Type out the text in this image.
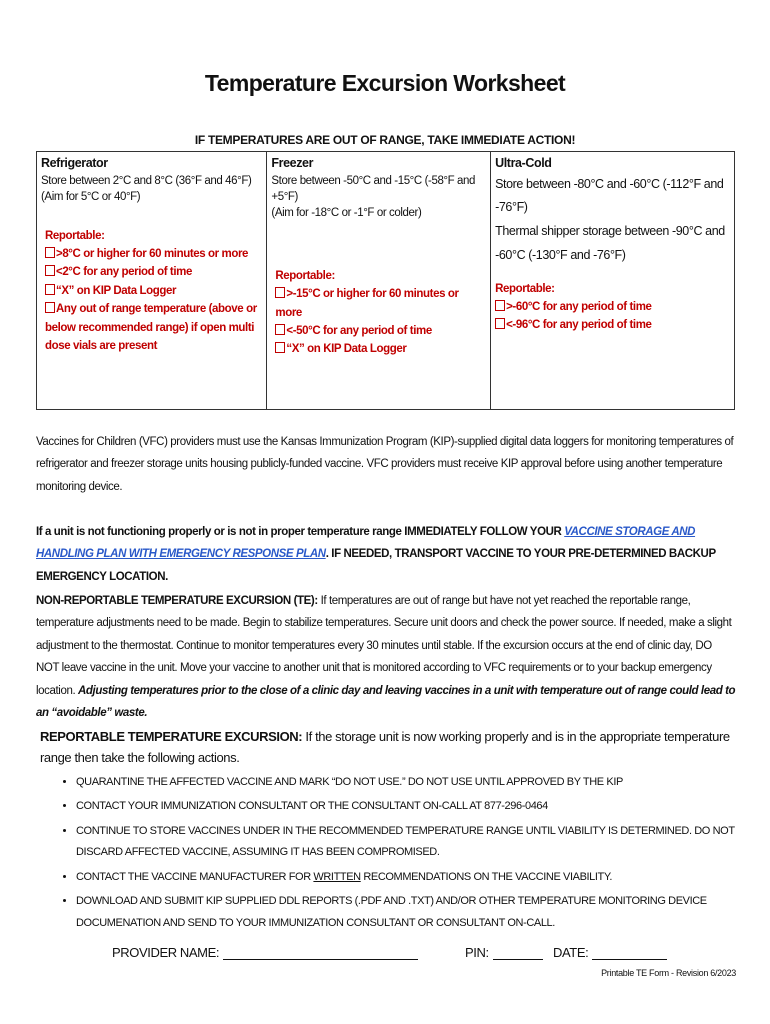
Temperature Excursion Worksheet
IF TEMPERATURES ARE OUT OF RANGE, TAKE IMMEDIATE ACTION!
Refrigerator
Store between 2°C and 8°C (36°F and 46°F)
(Aim for 5°C or 40°F)
Reportable:
>8°C or higher for 60 minutes or more
<2°C for any period of time
“X” on KIP Data Logger
Any out of range temperature (above or below recommended range) if open multi dose vials are present

Freezer
Store between -50°C and -15°C (-58°F and +5°F)
(Aim for -18°C or -1°F or colder)
Reportable:
>-15°C or higher for 60 minutes or more
<-50°C for any period of time
“X” on KIP Data Logger

Ultra-Cold
Store between -80°C and -60°C (-112°F and -76°F)
Thermal shipper storage between -90°C and -60°C (-130°F and -76°F)
Reportable:
>-60°C for any period of time
<-96°C for any period of time
Vaccines for Children (VFC) providers must use the Kansas Immunization Program (KIP)-supplied digital data loggers for monitoring temperatures of refrigerator and freezer storage units housing publicly-funded vaccine. VFC providers must receive KIP approval before using another temperature monitoring device.
If a unit is not functioning properly or is not in proper temperature range IMMEDIATELY FOLLOW YOUR VACCINE STORAGE AND HANDLING PLAN WITH EMERGENCY RESPONSE PLAN. IF NEEDED, TRANSPORT VACCINE TO YOUR PRE-DETERMINED BACKUP EMERGENCY LOCATION.
NON-REPORTABLE TEMPERATURE EXCURSION (TE): If temperatures are out of range but have not yet reached the reportable range, temperature adjustments need to be made. Begin to stabilize temperatures. Secure unit doors and check the power source. If needed, make a slight adjustment to the thermostat. Continue to monitor temperatures every 30 minutes until stable. If the excursion occurs at the end of clinic day, DO NOT leave vaccine in the unit. Move your vaccine to another unit that is monitored according to VFC requirements or to your backup emergency location. Adjusting temperatures prior to the close of a clinic day and leaving vaccines in a unit with temperature out of range could lead to an “avoidable” waste.
REPORTABLE TEMPERATURE EXCURSION: If the storage unit is now working properly and is in the appropriate temperature range then take the following actions.
• QUARANTINE THE AFFECTED VACCINE AND MARK “DO NOT USE.” DO NOT USE UNTIL APPROVED BY THE KIP
• CONTACT YOUR IMMUNIZATION CONSULTANT OR THE CONSULTANT ON-CALL AT 877-296-0464
• CONTINUE TO STORE VACCINES UNDER IN THE RECOMMENDED TEMPERATURE RANGE UNTIL VIABILITY IS DETERMINED. DO NOT DISCARD AFFECTED VACCINE, ASSUMING IT HAS BEEN COMPROMISED.
• CONTACT THE VACCINE MANUFACTURER FOR WRITTEN RECOMMENDATIONS ON THE VACCINE VIABILITY.
• DOWNLOAD AND SUBMIT KIP SUPPLIED DDL REPORTS (.PDF AND .TXT) AND/OR OTHER TEMPERATURE MONITORING DEVICE DOCUMENATION AND SEND TO YOUR IMMUNIZATION CONSULTANT OR CONSULTANT ON-CALL.
PROVIDER NAME:	PIN:	DATE:
Printable TE Form - Revision 6/2023
